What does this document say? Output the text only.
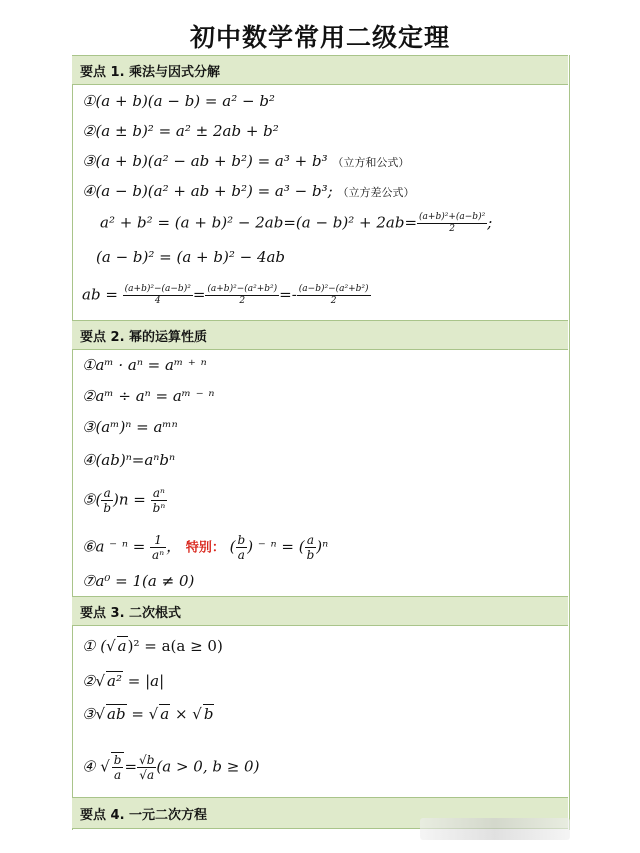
初中数学常用二级定理
要点 1. 乘法与因式分解
①(a + b)(a − b) = a² − b²
②(a ± b)² = a² ± 2ab + b²
③(a + b)(a² − ab + b²) = a³ + b³ （立方和公式）
④(a − b)(a² + ab + b²) = a³ − b³; （立方差公式）
$a^2 + b^2 = (a + b)^2 - 2ab=(a - b)^2 + 2ab= \frac{\text{(a+b)²+(a−b)²}}{2}$ ;
(a − b)² = (a + b)² − 4ab
ab = $\frac{\text{(a+b)²−(a−b)²}}{4} = \frac{\text{(a+b)²−(a²+b²)}}{2} =- \frac{\text{(a−b)²−(a²+b²)}}{2}$
要点 2. 幂的运算性质
①aᵐ · aⁿ = aᵐ ⁺ ⁿ
②aᵐ ÷ aⁿ = aᵐ ⁻ ⁿ
③(aᵐ)ⁿ = aᵐⁿ
④(ab)ⁿ=aⁿbⁿ
⑤( $\frac{a}{b} )n = \frac{\text{aⁿ}}{\text{bⁿ}}$
⑥a ⁻ $^n = \frac{1}{\text{aⁿ}}$ ， 特别： ( $\frac{b}{a}$ ) ⁻ ⁿ = ( $\frac{a}{b} )^n$
⑦a⁰ = 1(a ≠ 0)
要点 3. 二次根式
① (√ a)² = a(a ≥ 0)
②√ a² = |a|
③√ ab = √ a × √ b
④ √ $\frac{b}{a} = \frac{√b}{√a} (a > 0$, b ≥ 0)
要点 4. 一元二次方程
